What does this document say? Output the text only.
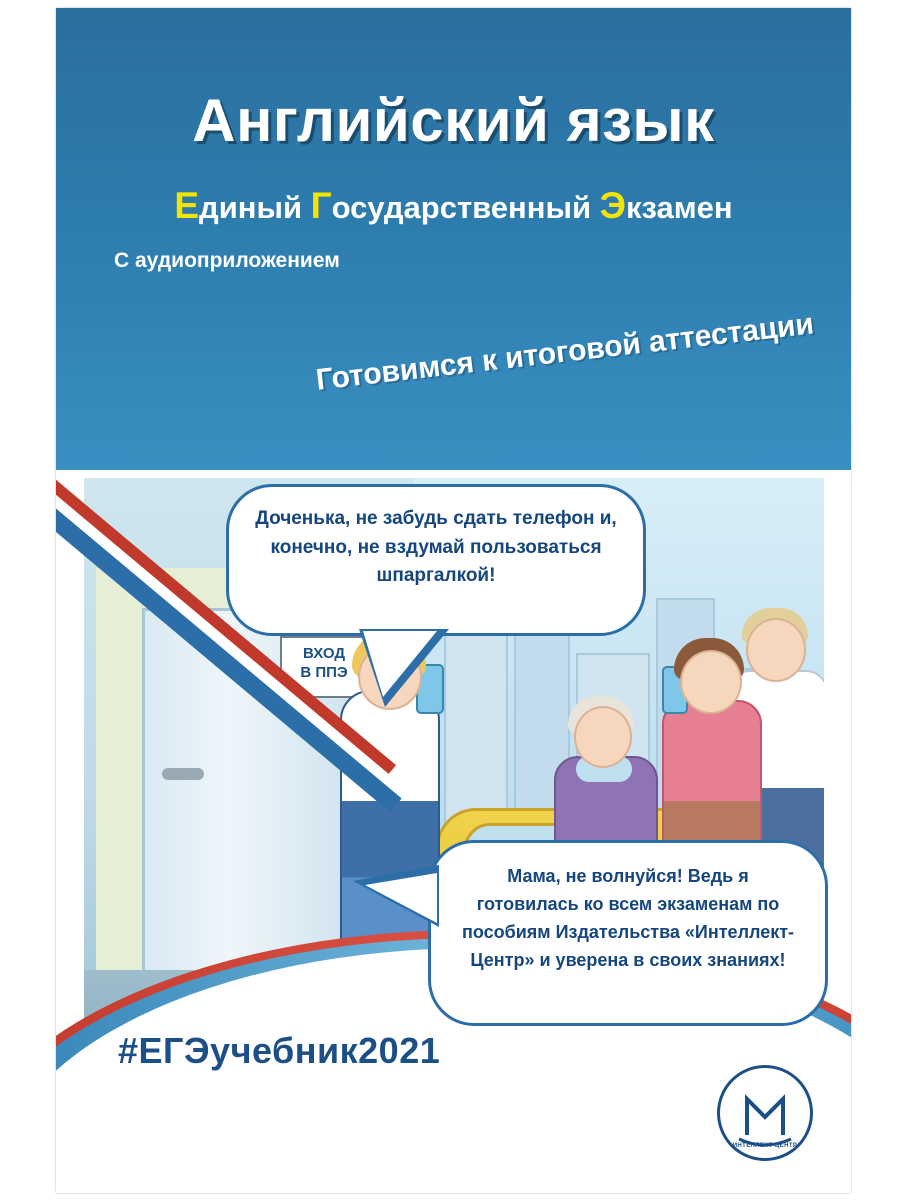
ВХОД
В ППЭ
Английский язык
Единый Государственный Экзамен
С аудиоприложением
Готовимся к итоговой аттестации

Доченька, не забудь сдать телефон и, конечно, не вздумай пользоваться шпаргалкой!

Мама, не волнуйся! Ведь я готовилась ко всем экзаменам по пособиям Издательства «Интеллект-Центр» и уверена в своих знаниях!

#ЕГЭучебник2021
ИНТЕЛЛЕКТ-ЦЕНТР
